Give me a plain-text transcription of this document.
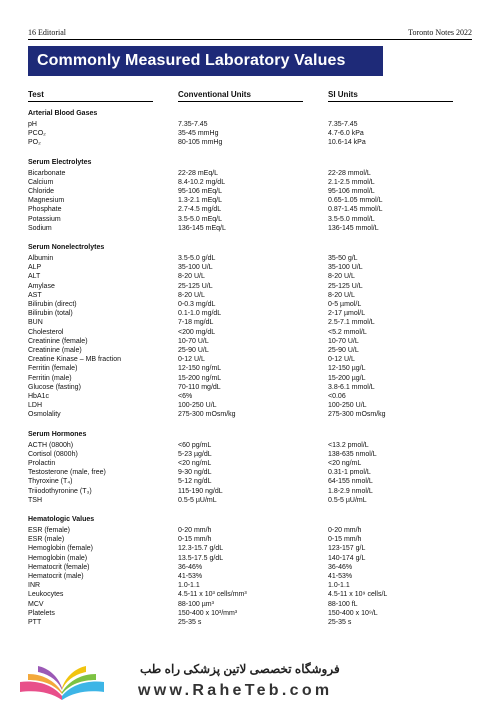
16 Editorial	Toronto Notes 2022
Commonly Measured Laboratory Values
Test	Conventional Units	SI Units
Arterial Blood Gases
pH	7.35-7.45	7.35-7.45
PCO₂	35-45 mmHg	4.7-6.0 kPa
PO₂	80-105 mmHg	10.6-14 kPa
Serum Electrolytes
Bicarbonate	22-28 mEq/L	22-28 mmol/L
Calcium	8.4-10.2 mg/dL	2.1-2.5 mmol/L
Chloride	95-106 mEq/L	95-106 mmol/L
Magnesium	1.3-2.1 mEq/L	0.65-1.05 mmol/L
Phosphate	2.7-4.5 mg/dL	0.87-1.45 mmol/L
Potassium	3.5-5.0 mEq/L	3.5-5.0 mmol/L
Sodium	136-145 mEq/L	136-145 mmol/L
Serum Nonelectrolytes
Albumin	3.5-5.0 g/dL	35-50 g/L
ALP	35-100 U/L	35-100 U/L
ALT	8-20 U/L	8-20 U/L
Amylase	25-125 U/L	25-125 U/L
AST	8-20 U/L	8-20 U/L
Bilirubin (direct)	0-0.3 mg/dL	0-5 µmol/L
Bilirubin (total)	0.1-1.0 mg/dL	2-17 µmol/L
BUN	7-18 mg/dL	2.5-7.1 mmol/L
Cholesterol	<200 mg/dL	<5.2 mmol/L
Creatinine (female)	10-70 U/L	10-70 U/L
Creatinine (male)	25-90 U/L	25-90 U/L
Creatine Kinase – MB fraction	0-12 U/L	0-12 U/L
Ferritin (female)	12-150 ng/mL	12-150 µg/L
Ferritin (male)	15-200 ng/mL	15-200 µg/L
Glucose (fasting)	70-110 mg/dL	3.8-6.1 mmol/L
HbA1c	<6%	<0.06
LDH	100-250 U/L	100-250 U/L
Osmolality	275-300 mOsm/kg	275-300 mOsm/kg
Serum Hormones
ACTH (0800h)	<60 pg/mL	<13.2 pmol/L
Cortisol (0800h)	5-23 µg/dL	138-635 nmol/L
Prolactin	<20 ng/mL	<20 ng/mL
Testosterone (male, free)	9-30 ng/dL	0.31-1 pmol/L
Thyroxine (T₄)	5-12 ng/dL	64-155 nmol/L
Triiodothyronine (T₃)	115-190 ng/dL	1.8-2.9 nmol/L
TSH	0.5-5 µU/mL	0.5-5 µU/mL
Hematologic Values
ESR (female)	0-20 mm/h	0-20 mm/h
ESR (male)	0-15 mm/h	0-15 mm/h
Hemoglobin (female)	12.3-15.7 g/dL	123-157 g/L
Hemoglobin (male)	13.5-17.5 g/dL	140-174 g/L
Hematocrit (female)	36-46%	36-46%
Hematocrit (male)	41-53%	41-53%
INR	1.0-1.1	1.0-1.1
Leukocytes	4.5-11 x 10³ cells/mm³	4.5-11 x 10⁹ cells/L
MCV	88-100 µm³	88-100 fL
Platelets	150-400 x 10³/mm³	150-400 x 10⁹/L
PTT	25-35 s	25-35 s
فروشگاه تخصصی لاتین پزشکی راه طب
www.RaheTeb.com
